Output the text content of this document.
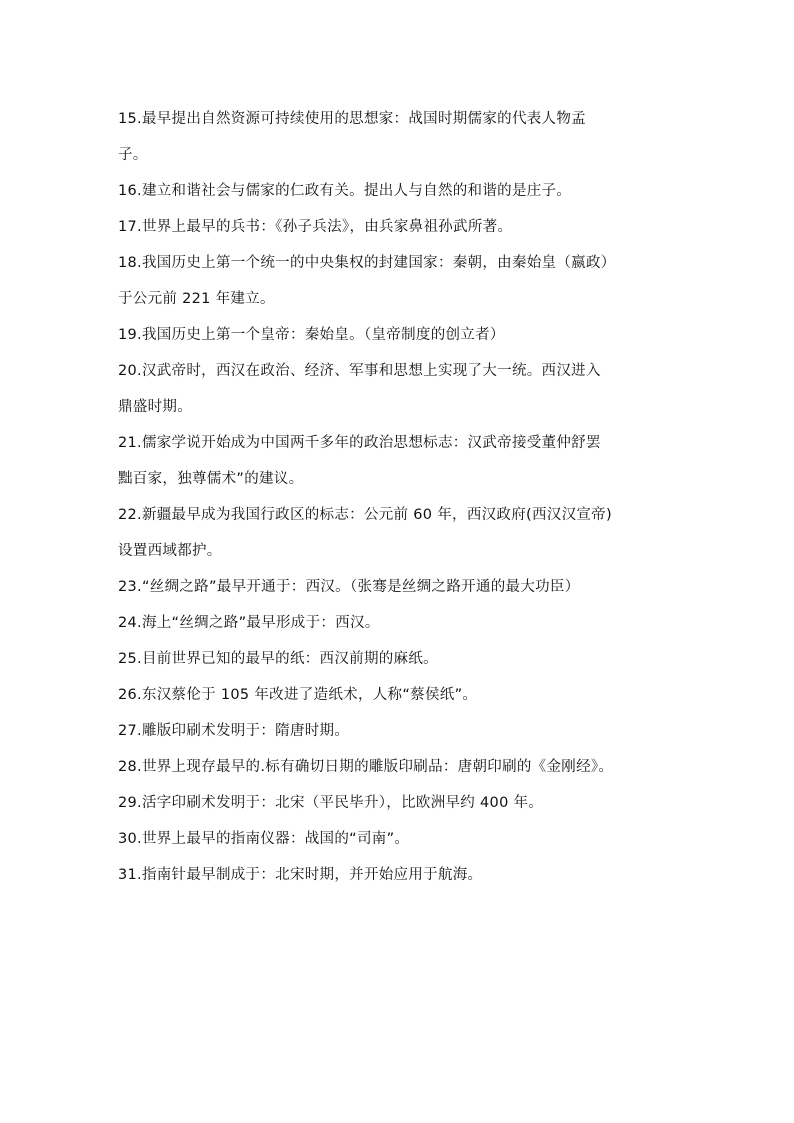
15.最早提出自然资源可持续使用的思想家：战国时期儒家的代表人物孟
子。
16.建立和谐社会与儒家的仁政有关。提出人与自然的和谐的是庄子。
17.世界上最早的兵书：《孙子兵法》，由兵家鼻祖孙武所著。
18.我国历史上第一个统一的中央集权的封建国家：秦朝，由秦始皇（嬴政）
于公元前 221 年建立。
19.我国历史上第一个皇帝：秦始皇。（皇帝制度的创立者）
20.汉武帝时，西汉在政治、经济、军事和思想上实现了大一统。西汉进入
鼎盛时期。
21.儒家学说开始成为中国两千多年的政治思想标志：汉武帝接受董仲舒罢
黜百家，独尊儒术”的建议。
22.新疆最早成为我国行政区的标志：公元前 60 年，西汉政府(西汉汉宣帝)
设置西域都护。
23.“丝绸之路”最早开通于：西汉。（张骞是丝绸之路开通的最大功臣）
24.海上“丝绸之路”最早形成于：西汉。
25.目前世界已知的最早的纸：西汉前期的麻纸。
26.东汉蔡伦于 105 年改进了造纸术，人称“蔡侯纸”。
27.雕版印刷术发明于：隋唐时期。
28.世界上现存最早的.标有确切日期的雕版印刷品：唐朝印刷的《金刚经》。
29.活字印刷术发明于：北宋（平民毕升），比欧洲早约 400 年。
30.世界上最早的指南仪器：战国的“司南”。
31.指南针最早制成于：北宋时期，并开始应用于航海。
